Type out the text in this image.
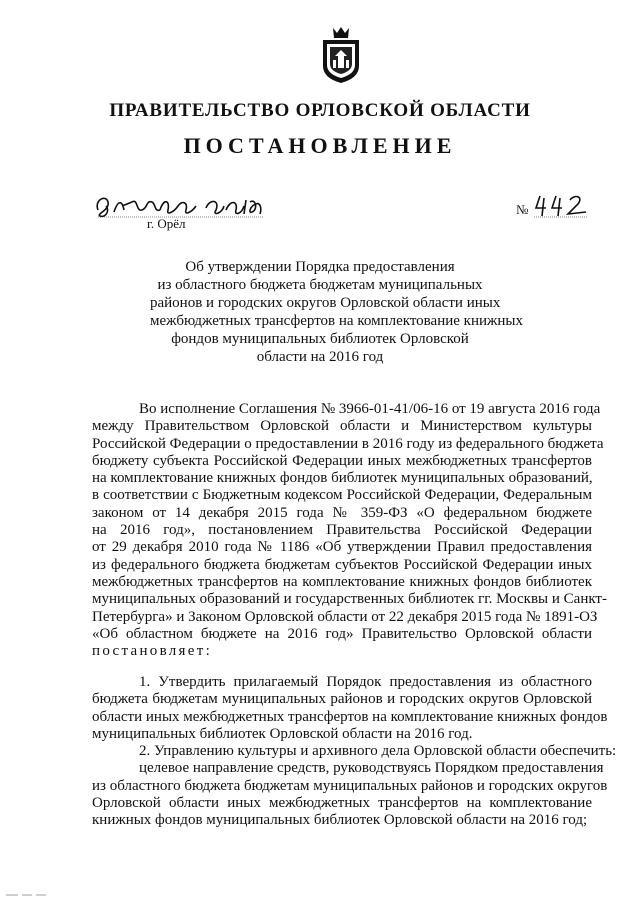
ПРАВИТЕЛЬСТВО ОРЛОВСКОЙ ОБЛАСТИ
ПОСТАНОВЛЕНИЕ
г. Орёл
№
Об утверждении Порядка предоставления
из областного бюджета бюджетам муниципальных
районов и городских округов Орловской области иных
межбюджетных трансфертов на комплектование книжных
фондов муниципальных библиотек Орловской
области на 2016 год
Во исполнение Соглашения № 3966-01-41/06-16 от 19 августа 2016 года
между Правительством Орловской области и Министерством культуры
Российской Федерации о предоставлении в 2016 году из федерального бюджета
бюджету субъекта Российской Федерации иных межбюджетных трансфертов
на комплектование книжных фондов библиотек муниципальных образований,
в соответствии с Бюджетным кодексом Российской Федерации, Федеральным
законом от 14 декабря 2015 года № 359-ФЗ «О федеральном бюджете
на 2016 год», постановлением Правительства Российской Федерации
от 29 декабря 2010 года № 1186 «Об утверждении Правил предоставления
из федерального бюджета бюджетам субъектов Российской Федерации иных
межбюджетных трансфертов на комплектование книжных фондов библиотек
муниципальных образований и государственных библиотек гг. Москвы и Санкт-
Петербурга» и Законом Орловской области от 22 декабря 2015 года № 1891-ОЗ
«Об областном бюджете на 2016 год» Правительство Орловской области
постановляет:
1. Утвердить прилагаемый Порядок предоставления из областного
бюджета бюджетам муниципальных районов и городских округов Орловской
области иных межбюджетных трансфертов на комплектование книжных фондов
муниципальных библиотек Орловской области на 2016 год.
2. Управлению культуры и архивного дела Орловской области обеспечить:
целевое направление средств, руководствуясь Порядком предоставления
из областного бюджета бюджетам муниципальных районов и городских округов
Орловской области иных межбюджетных трансфертов на комплектование
книжных фондов муниципальных библиотек Орловской области на 2016 год;
